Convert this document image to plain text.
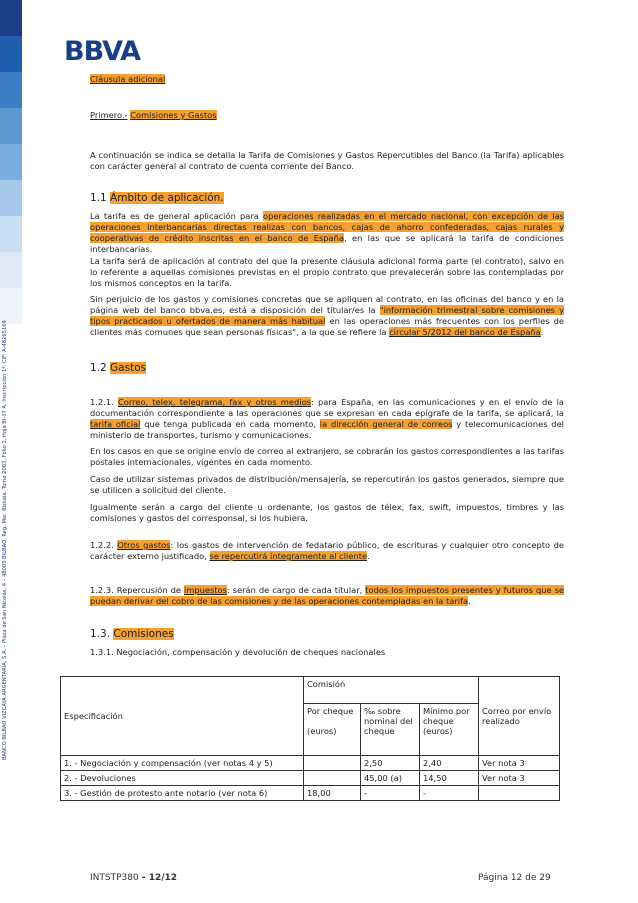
BANCO BILBAO VIZCAYA ARGENTARIA, S.A. – Plaza de San Nicolás, 4 – 48005 BILBAO. Reg. Mer. Bizkaia. Tomo 2083, Folio 1, Hoja BI-17 A, Inscripción 1ª. CIF: A-48265169
BBVA
Cláusula adicional
Primero.- Comisiones y Gastos
A continuación se indica se detalla la Tarifa de Comisiones y Gastos Repercutibles del Banco (la Tarifa) aplicables con carácter general al contrato de cuenta corriente del Banco.
1.1 Ámbito de aplicación.
La tarifa es de general aplicación para operaciones realizadas en el mercado nacional, con excepción de las operaciones interbancarias directas realizas con bancos, cajas de ahorro confederadas, cajas rurales y cooperativas de crédito inscritas en el banco de España, en las que se aplicará la tarifa de condiciones interbancarias.
La tarifa será de aplicación al contrato del que la presente cláusula adicional forma parte (el contrato), salvo en lo referente a aquellas comisiones previstas en el propio contrato que prevalecerán sobre las contempladas por los mismos conceptos en la tarifa.
Sin perjuicio de los gastos y comisiones concretas que se apliquen al contrato, en las oficinas del banco y en la página web del banco bbva.es, está a disposición del titular/es la "información trimestral sobre comisiones y tipos practicados u ofertados de manera más habitual en las operaciones más frecuentes con los perfiles de clientes más comunes que sean personas físicas", a la que se refiere la circular 5/2012 del banco de España.
1.2 Gastos
1.2.1. Correo, telex, telegrama, fax y otros medios: para España, en las comunicaciones y en el envío de la documentación correspondiente a las operaciones que se expresan en cada epígrafe de la tarifa, se aplicará, la tarifa oficial que tenga publicada en cada momento, la dirección general de correos y telecomunicaciones del ministerio de transportes, turismo y comunicaciones.
En los casos en que se origine envío de correo al extranjero, se cobrarán los gastos correspondientes a las tarifas postales internacionales, vigentes en cada momento.
Caso de utilizar sistemas privados de distribución/mensajería, se repercutirán los gastos generados, siempre que se utilicen a solicitud del cliente.
Igualmente serán a cargo del cliente u ordenante, los gastos de télex, fax, swift, impuestos, timbres y las comisiones y gastos del corresponsal, si los hubiera.
1.2.2. Otros gastos: los gastos de intervención de fedatario público, de escrituras y cualquier otro concepto de carácter externo justificado, se repercutirá íntegramente al cliente.
1.2.3. Repercusión de impuestos: serán de cargo de cada titular, todos los impuestos presentes y futuros que se puedan derivar del cobro de las comisiones y de las operaciones contempladas en la tarifa.
1.3. Comisiones
1.3.1. Negociación, compensación y devolución de cheques nacionales
Especificación	Comisión			Correo por envío realizado
	Por cheque

(euros)	‰ sobre nominal del cheque	Mínimo por cheque (euros)	
1. - Negociación y compensación (ver notas 4 y 5)		2,50	2,40	Ver nota 3
2. - Devoluciones		45,00 (a)	14,50	Ver nota 3
3. - Gestión de protesto ante notario (ver nota 6)	18,00	-	-	
INTSTP380 - 12/12	Página 12 de 29
